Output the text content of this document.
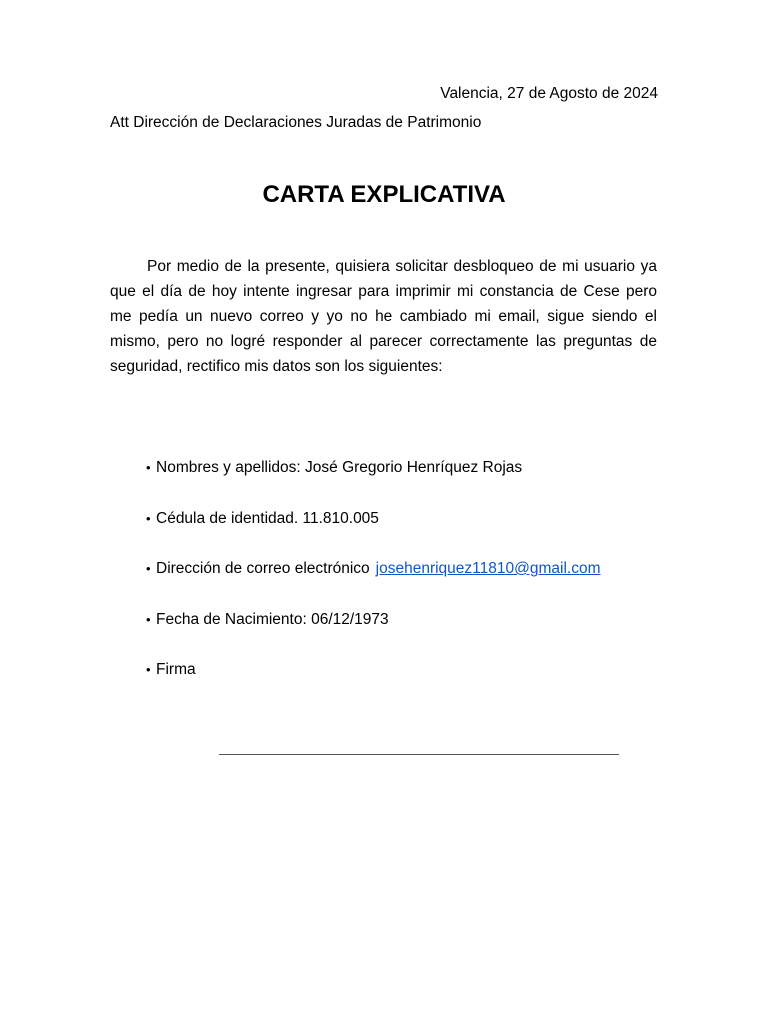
Valencia, 27 de Agosto de 2024
Att Dirección de Declaraciones Juradas de Patrimonio
CARTA EXPLICATIVA

Por medio de la presente, quisiera solicitar desbloqueo de mi usuario ya que el día de hoy intente ingresar para imprimir mi constancia de Cese pero me pedía un nuevo correo y yo no he cambiado mi email, sigue siendo el mismo, pero no logré responder al parecer correctamente las preguntas de seguridad, rectifico mis datos son los siguientes:

• Nombres y apellidos: José Gregorio Henríquez Rojas
• Cédula de identidad. 11.810.005
• Dirección de correo electrónico josehenriquez11810@gmail.com
• Fecha de Nacimiento: 06/12/1973
• Firma
